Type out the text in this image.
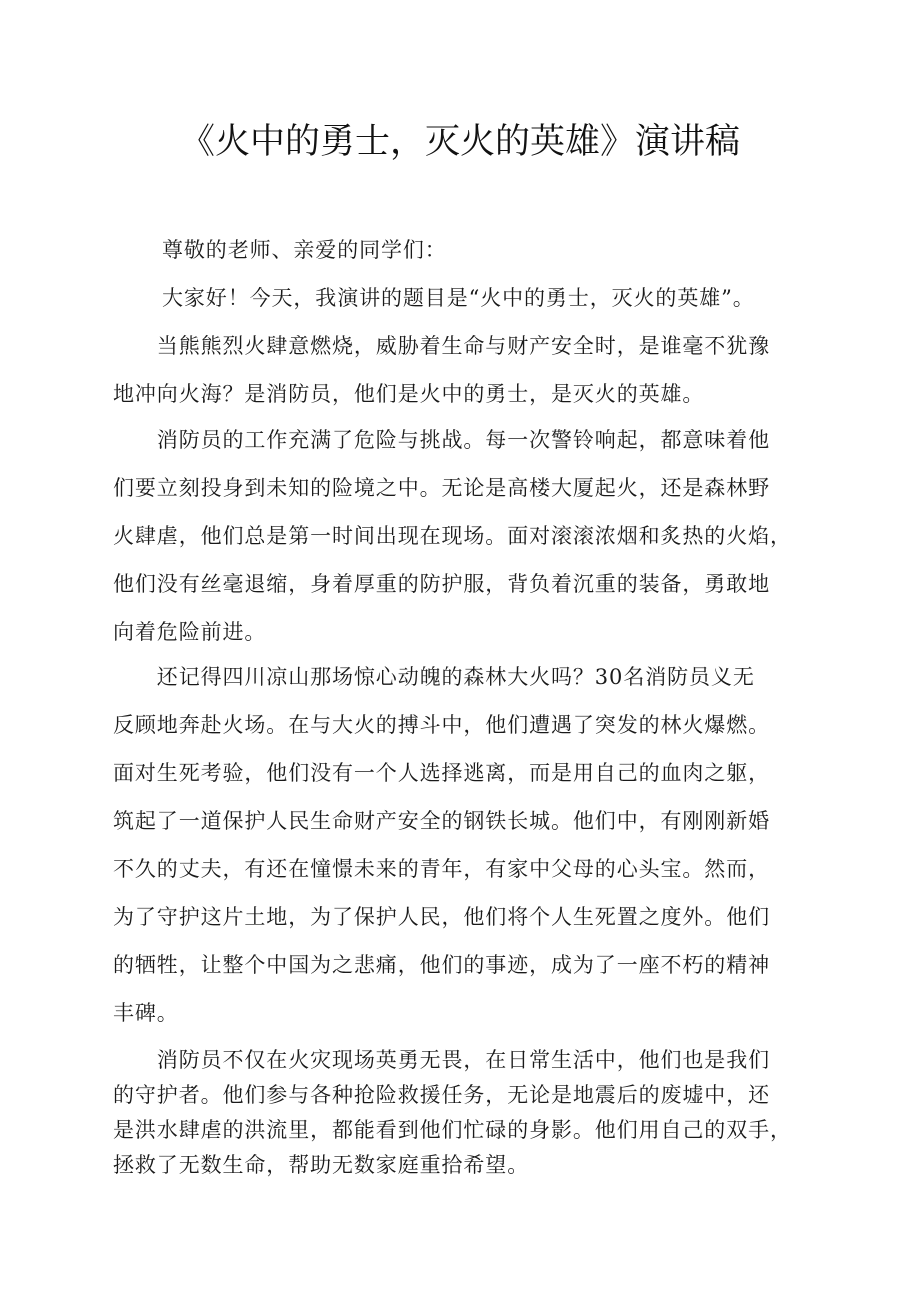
《火中的勇士，灭火的英雄》演讲稿

尊敬的老师、亲爱的同学们：

大家好！今天，我演讲的题目是“火中的勇士，灭火的英雄”。

　　当熊熊烈火肆意燃烧，威胁着生命与财产安全时，是谁毫不犹豫
地冲向火海？是消防员，他们是火中的勇士，是灭火的英雄。

　　消防员的工作充满了危险与挑战。每一次警铃响起，都意味着他
们要立刻投身到未知的险境之中。无论是高楼大厦起火，还是森林野
火肆虐，他们总是第一时间出现在现场。面对滚滚浓烟和炙热的火焰，
他们没有丝毫退缩，身着厚重的防护服，背负着沉重的装备，勇敢地
向着危险前进。

　　还记得四川凉山那场惊心动魄的森林大火吗？30名消防员义无
反顾地奔赴火场。在与大火的搏斗中，他们遭遇了突发的林火爆燃。
面对生死考验，他们没有一个人选择逃离，而是用自己的血肉之躯，
筑起了一道保护人民生命财产安全的钢铁长城。他们中，有刚刚新婚
不久的丈夫，有还在憧憬未来的青年，有家中父母的心头宝。然而，
为了守护这片土地，为了保护人民，他们将个人生死置之度外。他们
的牺牲，让整个中国为之悲痛，他们的事迹，成为了一座不朽的精神
丰碑。

　　消防员不仅在火灾现场英勇无畏，在日常生活中，他们也是我们
的守护者。他们参与各种抢险救援任务，无论是地震后的废墟中，还
是洪水肆虐的洪流里，都能看到他们忙碌的身影。他们用自己的双手，
拯救了无数生命，帮助无数家庭重拾希望。
